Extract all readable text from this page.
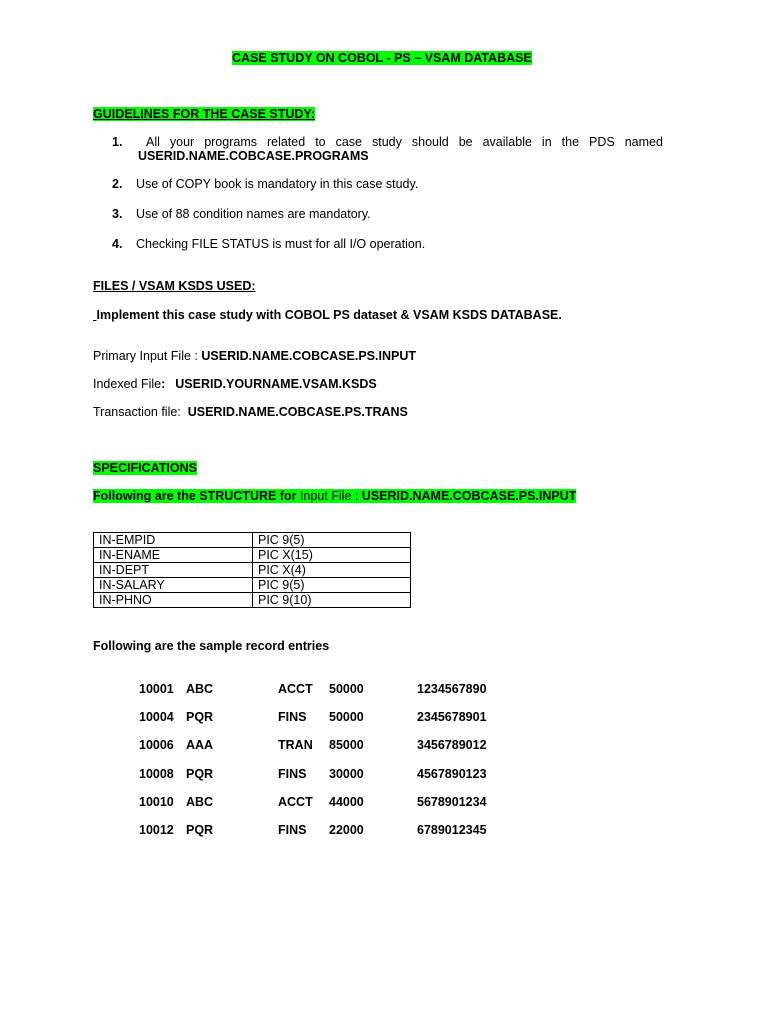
CASE STUDY ON COBOL - PS – VSAM DATABASE
GUIDELINES FOR THE CASE STUDY:
1.	All your programs related to case study should be available in the PDS named
USERID.NAME.COBCASE.PROGRAMS
2. Use of COPY book is mandatory in this case study.
3. Use of 88 condition names are mandatory.
4. Checking FILE STATUS is must for all I/O operation.
FILES / VSAM KSDS USED:
Implement this case study with COBOL PS dataset & VSAM KSDS DATABASE.
Primary Input File : USERID.NAME.COBCASE.PS.INPUT
Indexed File: USERID.YOURNAME.VSAM.KSDS
Transaction file:  USERID.NAME.COBCASE.PS.TRANS
SPECIFICATIONS
Following are the STRUCTURE for Input File : USERID.NAME.COBCASE.PS.INPUT
IN-EMPID	PIC 9(5)
IN-ENAME	PIC X(15)
IN-DEPT	PIC X(4)
IN-SALARY	PIC 9(5)
IN-PHNO	PIC 9(10)
Following are the sample record entries
10001 ABC	ACCT 50000	1234567890
10004 PQR	FINS 50000	2345678901
10006 AAA	TRAN 85000	3456789012
10008 PQR	FINS 30000	4567890123
10010 ABC	ACCT 44000	5678901234
10012 PQR	FINS 22000	6789012345
